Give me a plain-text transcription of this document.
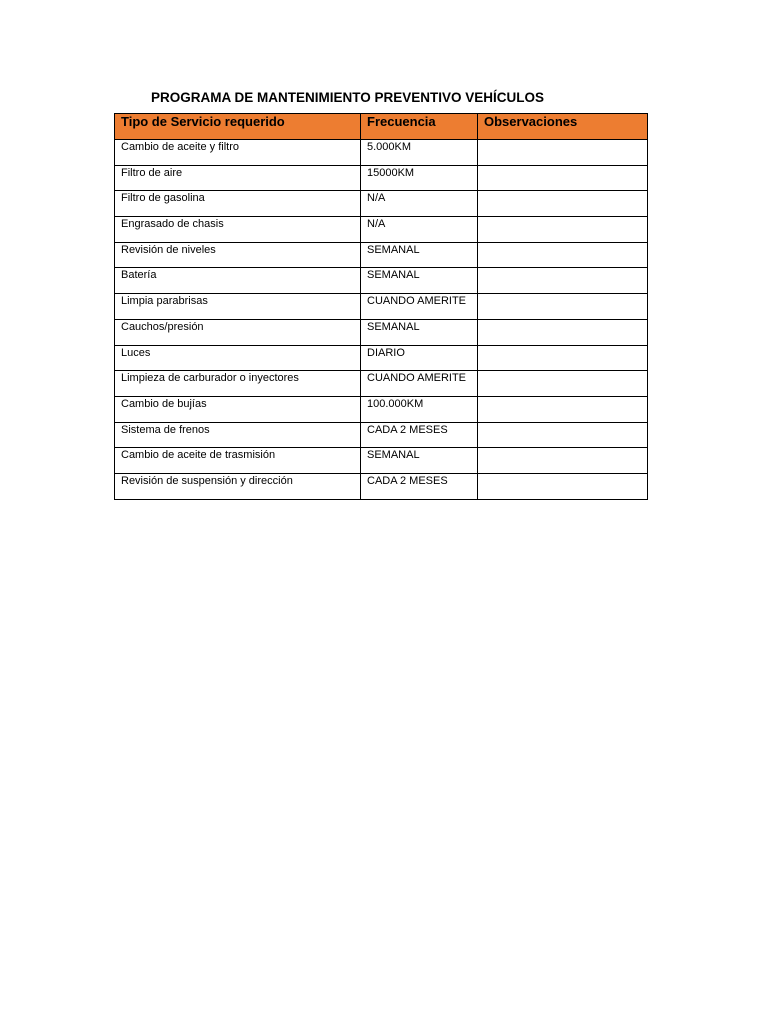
PROGRAMA DE MANTENIMIENTO PREVENTIVO VEHÍCULOS
Tipo de Servicio requerido	Frecuencia	Observaciones
Cambio de aceite y filtro	5.000KM	
Filtro de aire	15000KM	
Filtro de gasolina	N/A	
Engrasado de chasis	N/A	
Revisión de niveles	SEMANAL	
Batería	SEMANAL	
Limpia parabrisas	CUANDO AMERITE	
Cauchos/presión	SEMANAL	
Luces	DIARIO	
Limpieza de carburador o inyectores	CUANDO AMERITE	
Cambio de bujías	100.000KM	
Sistema de frenos	CADA 2 MESES	
Cambio de aceite de trasmisión	SEMANAL	
Revisión de suspensión y dirección	CADA 2 MESES	
